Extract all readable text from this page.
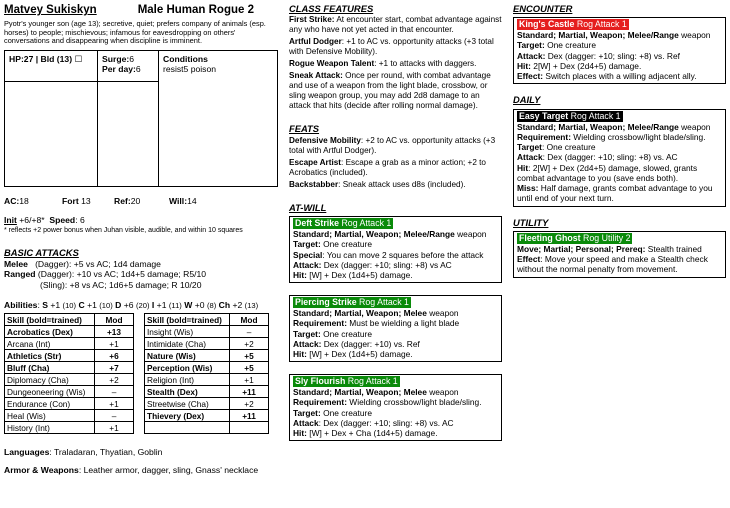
Matvey Sukiskyn	Male Human Rogue 2
Pyotr's younger son (age 13); secretive, quiet; prefers company of animals (esp. horses) to people; mischievous; infamous for eavesdropping on others' conversations and disappearing when discipline is imminent.
HP:27 | Bld (13) ☐	Surge:6
Per day:6	Conditions
resist5 poison

AC:18	Fort 13	Ref:20	Will:14
Init +6/+8* Speed: 6
* reflects +2 power bonus when Juhan visible, audible, and within 10 squares
BASIC ATTACKS
Melee (Dagger): +5 vs AC; 1d4 damage
Ranged (Dagger): +10 vs AC; 1d4+5 damage; R5/10
(Sling): +8 vs AC; 1d6+5 damage; R 10/20
Abilities: S +1 (10) C +1 (10) D +6 (20) I +1 (11) W +0 (8) Ch +2 (13)
Skill (bold=trained)	Mod
Acrobatics (Dex)	+13
Arcana (Int)	+1
Athletics (Str)	+6
Bluff (Cha)	+7
Diplomacy (Cha)	+2
Dungeoneering (Wis)	–
Endurance (Con)	+1
Heal (Wis)	–
History (Int)	+1
Skill (bold=trained)	Mod
Insight (Wis)	–
Intimidate (Cha)	+2
Nature (Wis)	+5
Perception (Wis)	+5
Religion (Int)	+1
Stealth (Dex)	+11
Streetwise (Cha)	+2
Thievery (Dex)	+11

Languages: Traladaran, Thyatian, Goblin
Armor & Weapons: Leather armor, dagger, sling, Gnass' necklace
CLASS FEATURES

First Strike: At encounter start, combat advantage against any who have not yet acted in that encounter.

Artful Dodger: +1 to AC vs. opportunity attacks (+3 total with Defensive Mobility).

Rogue Weapon Talent: +1 to attacks with daggers.

Sneak Attack: Once per round, with combat advantage and use of a weapon from the light blade, crossbow, or sling weapon group, you may add 2d8 damage to an attack that hits (decide after rolling normal damage).

FEATS

Defensive Mobility: +2 to AC vs. opportunity attacks (+3 total with Artful Dodger).

Escape Artist: Escape a grab as a minor action; +2 to Acrobatics (included).

Backstabber: Sneak attack uses d8s (included).

AT-WILL
Deft Strike Rog Attack 1
Standard; Martial, Weapon; Melee/Range weapon
Target: One creature
Special: You can move 2 squares before the attack
Attack: Dex (dagger: +10; sling: +8) vs AC
Hit: [W] + Dex (1d4+5) damage.
Piercing Strike Rog Attack 1
Standard; Martial, Weapon; Melee weapon
Requirement: Must be wielding a light blade
Target: One creature
Attack: Dex (dagger: +10) vs. Ref
Hit: [W] + Dex (1d4+5) damage.
Sly Flourish Rog Attack 1
Standard; Martial, Weapon; Melee weapon
Requirement: Wielding crossbow/light blade/sling.
Target: One creature
Attack: Dex (dagger: +10; sling: +8) vs. AC
Hit: [W] + Dex + Cha (1d4+5) damage.
ENCOUNTER
King's Castle Rog Attack 1
Standard; Martial, Weapon; Melee/Range weapon
Target: One creature
Attack: Dex (dagger: +10; sling: +8) vs. Ref
Hit: 2[W] + Dex (2d4+5) damage.
Effect: Switch places with a willing adjacent ally.
DAILY
Easy Target Rog Attack 1
Standard; Martial, Weapon; Melee/Range weapon
Requirement: Wielding crossbow/light blade/sling.
Target: One creature
Attack: Dex (dagger: +10; sling: +8) vs. AC
Hit: 2[W] + Dex (2d4+5) damage, slowed, grants combat advantage to you (save ends both).
Miss: Half damage, grants combat advantage to you until end of your next turn.
UTILITY
Fleeting Ghost Rog Utility 2
Move; Martial; Personal; Prereq: Stealth trained
Effect: Move your speed and make a Stealth check without the normal penalty from movement.
